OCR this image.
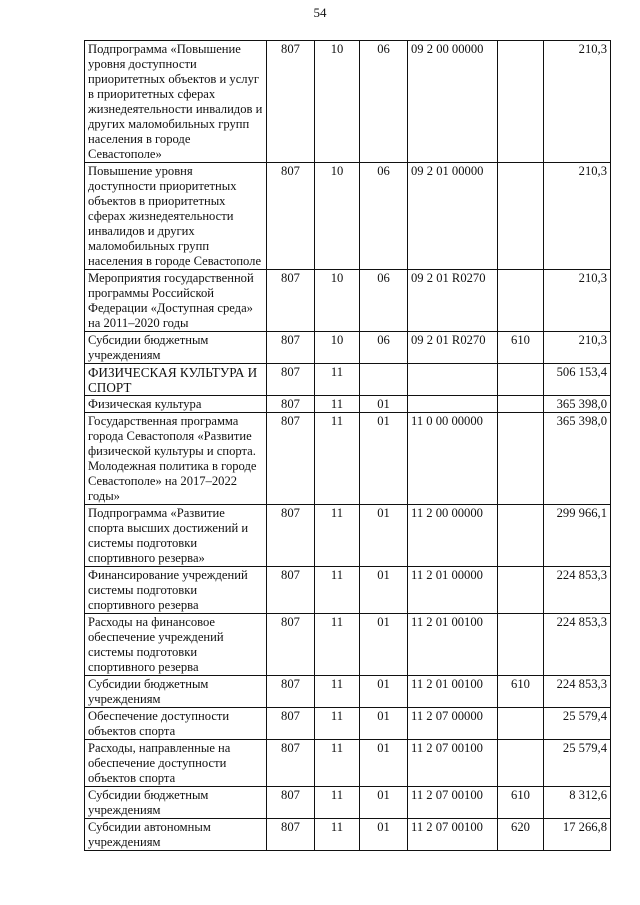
54
Подпрограмма «Повышение уровня доступности приоритетных объектов и услуг в приоритетных сферах жизнедеятельности инвалидов и других маломобильных групп населения в городе Севастополе»	807	10	06	09 2 00 00000		210,3
Повышение уровня доступности приоритетных объектов в приоритетных сферах жизнедеятельности инвалидов и других маломобильных групп населения в городе Севастополе	807	10	06	09 2 01 00000		210,3
Мероприятия государственной программы Российской Федерации «Доступная среда» на 2011–2020 годы	807	10	06	09 2 01 R0270		210,3
Субсидии бюджетным учреждениям	807	10	06	09 2 01 R0270	610	210,3
ФИЗИЧЕСКАЯ КУЛЬТУРА И СПОРТ	807	11				506 153,4
Физическая культура	807	11	01			365 398,0
Государственная программа города Севастополя «Развитие физической культуры и спорта. Молодежная политика в городе Севастополе» на 2017–2022 годы»	807	11	01	11 0 00 00000		365 398,0
Подпрограмма «Развитие спорта высших достижений и системы подготовки спортивного резерва»	807	11	01	11 2 00 00000		299 966,1
Финансирование учреждений системы подготовки спортивного резерва	807	11	01	11 2 01 00000		224 853,3
Расходы на финансовое обеспечение учреждений системы подготовки спортивного резерва	807	11	01	11 2 01 00100		224 853,3
Субсидии бюджетным учреждениям	807	11	01	11 2 01 00100	610	224 853,3
Обеспечение доступности объектов спорта	807	11	01	11 2 07 00000		25 579,4
Расходы, направленные на обеспечение доступности объектов спорта	807	11	01	11 2 07 00100		25 579,4
Субсидии бюджетным учреждениям	807	11	01	11 2 07 00100	610	8 312,6
Субсидии автономным учреждениям	807	11	01	11 2 07 00100	620	17 266,8
